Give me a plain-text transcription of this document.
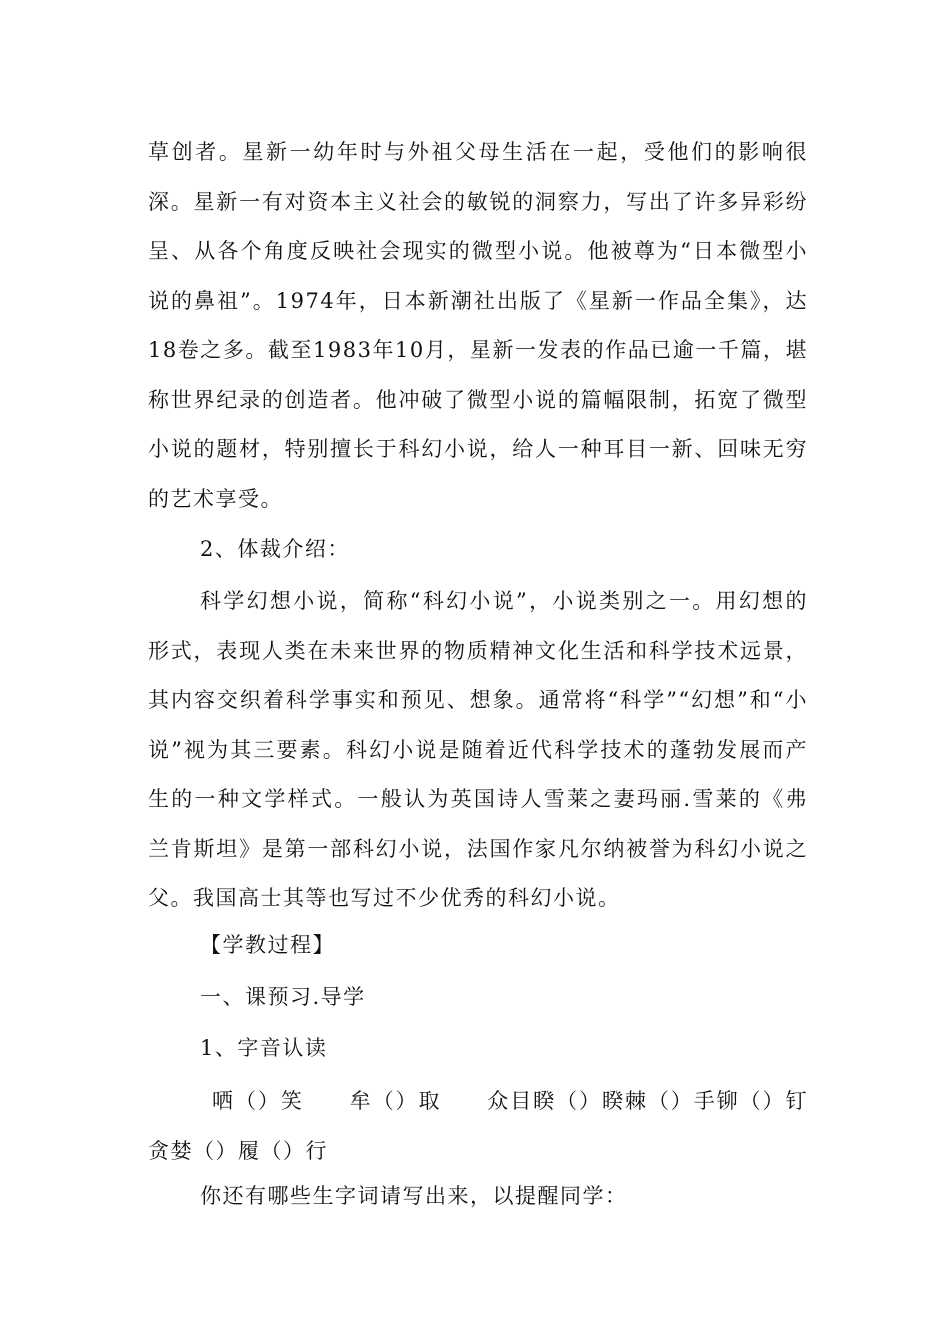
草创者。星新一幼年时与外祖父母生活在一起，受他们的影响很深。星新一有对资本主义社会的敏锐的洞察力，写出了许多异彩纷呈、从各个角度反映社会现实的微型小说。他被尊为“日本微型小说的鼻祖”。1974年，日本新潮社出版了《星新一作品全集》，达18卷之多。截至1983年10月，星新一发表的作品已逾一千篇，堪称世界纪录的创造者。他冲破了微型小说的篇幅限制，拓宽了微型小说的题材，特别擅长于科幻小说，给人一种耳目一新、回味无穷的艺术享受。

2、体裁介绍：

科学幻想小说，简称“科幻小说”，小说类别之一。用幻想的形式，表现人类在未来世界的物质精神文化生活和科学技术远景，其内容交织着科学事实和预见、想象。通常将“科学”“幻想”和“小说”视为其三要素。科幻小说是随着近代科学技术的蓬勃发展而产生的一种文学样式。一般认为英国诗人雪莱之妻玛丽.雪莱的《弗兰肯斯坦》是第一部科幻小说，法国作家凡尔纳被誉为科幻小说之父。我国高士其等也写过不少优秀的科幻小说。

【学教过程】

一、课预习.导学

1、字音认读

哂（）笑　　牟（）取　　众目睽（）睽棘（）手铆（）钉贪婪（）履（）行

你还有哪些生字词请写出来，以提醒同学：
